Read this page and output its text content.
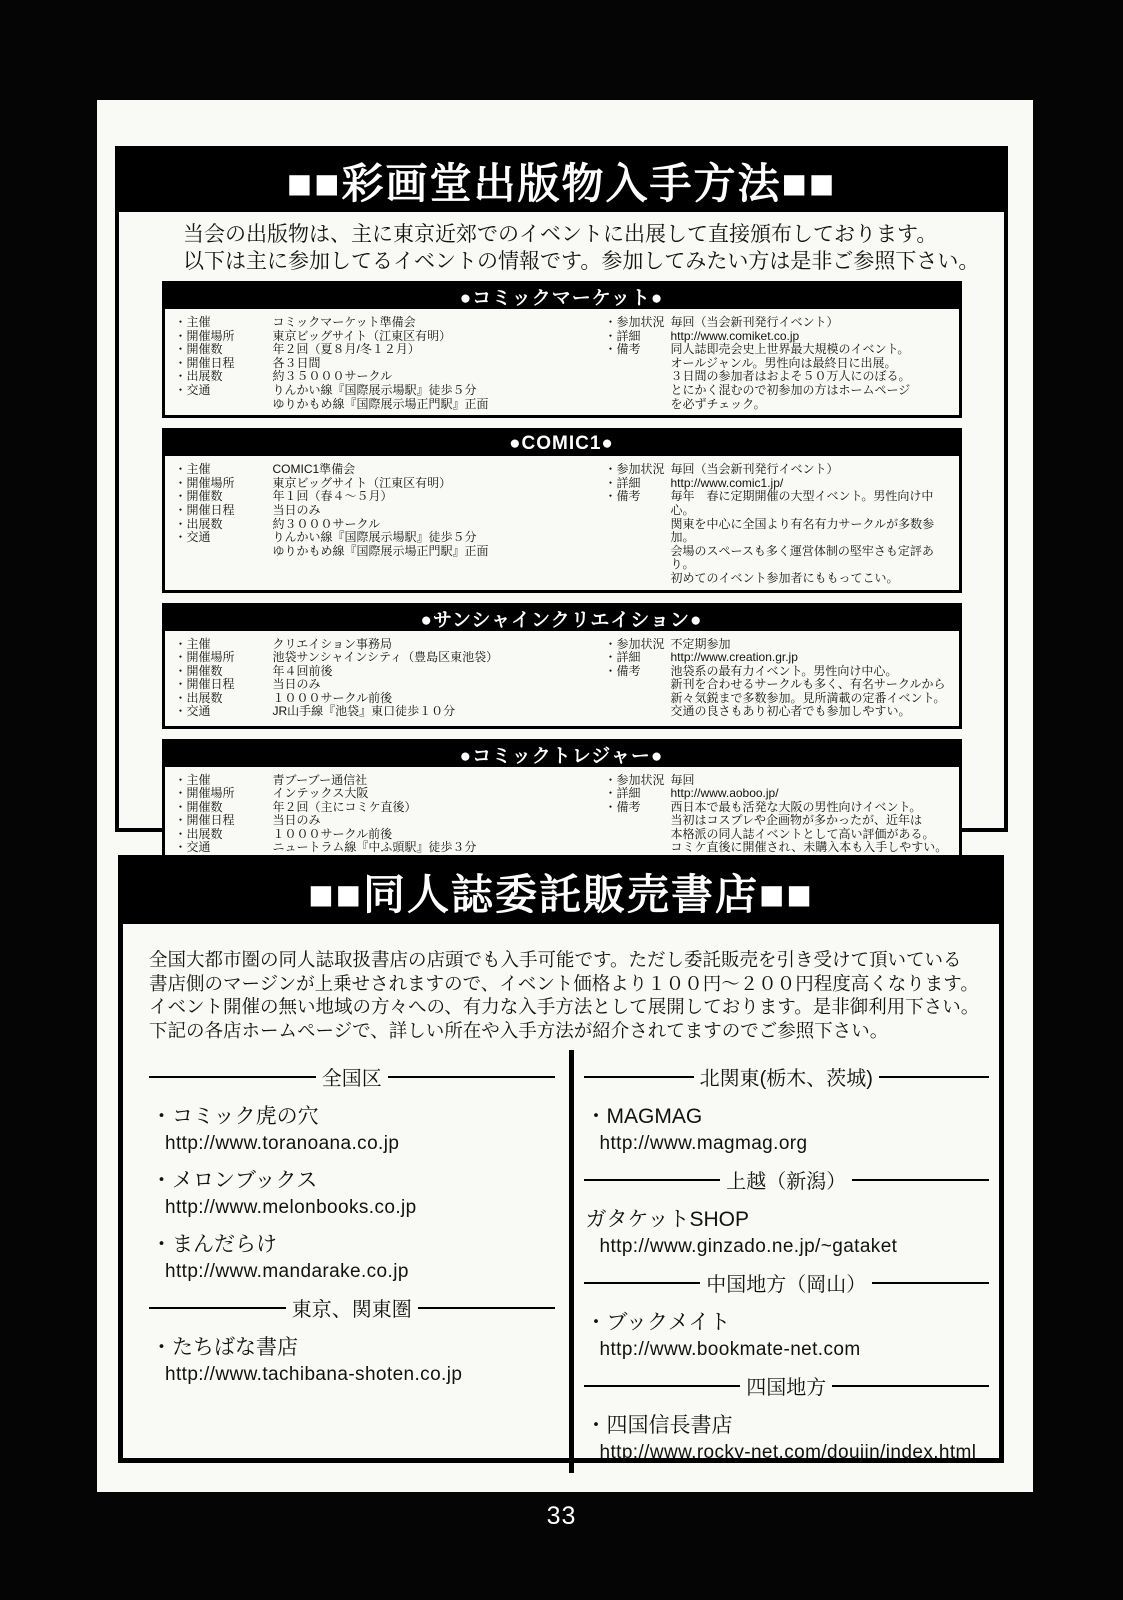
■■彩画堂出版物入手方法■■
当会の出版物は、主に東京近郊でのイベントに出展して直接頒布しております。
以下は主に参加してるイベントの情報です。参加してみたい方は是非ご参照下さい。
●コミックマーケット●
・主催	コミックマーケット準備会
・開催場所	東京ビッグサイト（江東区有明）
・開催数	年２回（夏８月/冬１２月）
・開催日程	各３日間
・出展数	約３５０００サークル
・交通	りんかい線『国際展示場駅』徒歩５分
ゆりかもめ線『国際展示場正門駅』正面
・参加状況 毎回（当会新刊発行イベント）
・詳細	http://www.comiket.co.jp
・備考	同人誌即売会史上世界最大規模のイベント。
オールジャンル。男性向は最終日に出展。
３日間の参加者はおよそ５０万人にのぼる。
とにかく混むので初参加の方はホームページ
を必ずチェック。
●COMIC1●
・主催	COMIC1準備会
・開催場所	東京ビッグサイト（江東区有明）
・開催数	年１回（春４～５月）
・開催日程	当日のみ
・出展数	約３０００サークル
・交通	りんかい線『国際展示場駅』徒歩５分
ゆりかもめ線『国際展示場正門駅』正面
・参加状況 毎回（当会新刊発行イベント）
・詳細	http://www.comic1.jp/
・備考	毎年　春に定期開催の大型イベント。男性向け中心。
関東を中心に全国より有名有力サークルが多数参加。
会場のスペースも多く運営体制の堅牢さも定評あり。
初めてのイベント参加者にももってこい。
●サンシャインクリエイション●
・主催	クリエイション事務局
・開催場所	池袋サンシャインシティ（豊島区東池袋）
・開催数	年４回前後
・開催日程	当日のみ
・出展数	１０００サークル前後
・交通	JR山手線『池袋』東口徒歩１０分
・参加状況 不定期参加
・詳細	http://www.creation.gr.jp
・備考	池袋系の最有力イベント。男性向け中心。
新刊を合わせるサークルも多く、有名サークルから
新々気鋭まで多数参加。見所満載の定番イベント。
交通の良さもあり初心者でも参加しやすい。
●コミックトレジャー●
・主催	青ブーブー通信社
・開催場所	インテックス大阪
・開催数	年２回（主にコミケ直後）
・開催日程	当日のみ
・出展数	１０００サークル前後
・交通	ニュートラム線『中ふ頭駅』徒歩３分
・参加状況 毎回
・詳細	http://www.aoboo.jp/
・備考	西日本で最も活発な大阪の男性向けイベント。
当初はコスプレや企画物が多かったが、近年は
本格派の同人誌イベントとして高い評価がある。
コミケ直後に開催され、未購入本も入手しやすい。
■■同人誌委託販売書店■■
全国大都市圏の同人誌取扱書店の店頭でも入手可能です。ただし委託販売を引き受けて頂いている
書店側のマージンが上乗せされますので、イベント価格より１００円～２００円程度高くなります。
イベント開催の無い地域の方々への、有力な入手方法として展開しております。是非御利用下さい。
下記の各店ホームページで、詳しい所在や入手方法が紹介されてますのでご参照下さい。
全国区
・コミック虎の穴
http://www.toranoana.co.jp
・メロンブックス
http://www.melonbooks.co.jp
・まんだらけ
http://www.mandarake.co.jp
東京、関東圏
・たちばな書店
http://www.tachibana-shoten.co.jp
北関東(栃木、茨城)
・MAGMAG
http://www.magmag.org
上越（新潟）
ガタケットSHOP
http://www.ginzado.ne.jp/~gataket
中国地方（岡山）
・ブックメイト
http://www.bookmate-net.com
四国地方
・四国信長書店
http://www.rocky-net.com/doujin/index.html
33
